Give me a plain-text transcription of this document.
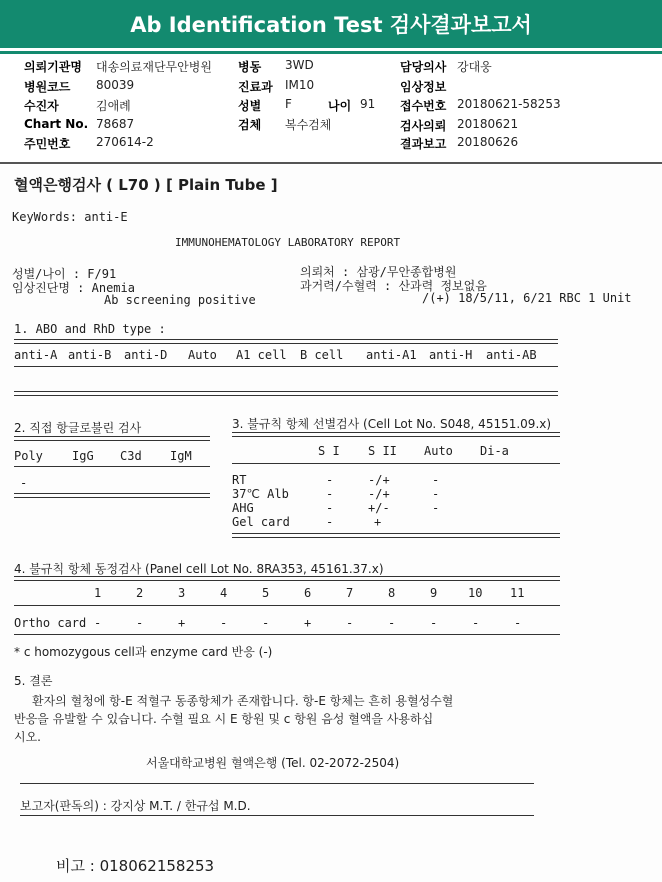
Ab Identification Test 검사결과보고서
의뢰기관명 대송의료재단무안병원 병동 3WD	담당의사 강대웅
병원코드 80039	진료과 IM10	임상정보
수진자	김애례	성별 F	나이 91 접수번호 20180621-58253
Chart No. 78687	검체 복수검체	검사의뢰 20180621
주민번호 270614-2	결과보고 20180626
혈액은행검사 ( L70 ) [ Plain Tube ]
KeyWords: anti-E
IMMUNOHEMATOLOGY LABORATORY REPORT
성별/나이 : F/91
임상진단명 : Anemia
Ab screening positive
의뢰처 : 삼광/무안종합병원
과거력/수혈력 : 산과력 정보없음
/(+) 18/5/11, 6/21 RBC 1 Unit
1. ABO and RhD type :
anti-A anti-B anti-D Auto A1 cell B cell anti-A1 anti-H anti-AB
2. 직접 항글로불린 검사
Poly IgG C3d IgM
-
3. 불규칙 항체 선별검사 (Cell Lot No. S048, 45151.09.x)
S I S II Auto Di-a
RT	-	-/+	-
37℃ Alb	-	-/+	-
AHG	-	+/-	-
Gel card	-	+
4. 불규칙 항체 동정검사 (Panel cell Lot No. 8RA353, 45161.37.x)
1	2	3	4	5	6	7	8	9	10 11
Ortho card -	-	+	-	-	+	-	-	-	-	-
* c homozygous cell과 enzyme card 반응 (-)
5. 결론
환자의 혈청에 항-E 적혈구 동종항체가 존재합니다. 항-E 항체는 흔히 용혈성수혈
반응을 유발할 수 있습니다. 수혈 필요 시 E 항원 및 c 항원 음성 혈액을 사용하십
시오.
서울대학교병원 혈액은행 (Tel. 02-2072-2504)
보고자(판독의) : 강지상 M.T. / 한규섭 M.D.
비고 : 018062158253
